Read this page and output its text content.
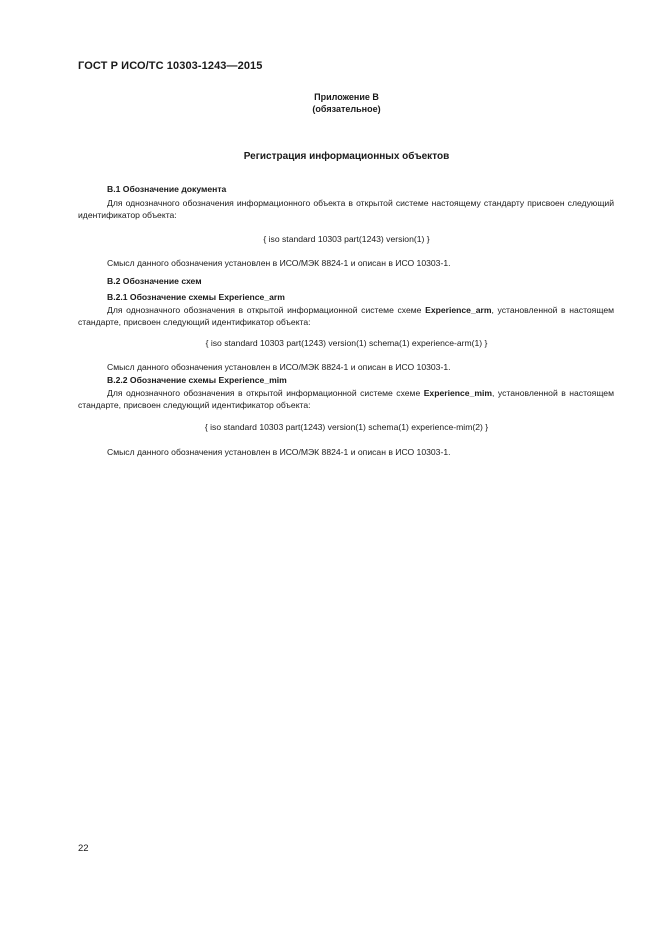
ГОСТ Р ИСО/ТС 10303-1243—2015
Приложение B
(обязательное)
Регистрация информационных объектов
B.1 Обозначение документа
Для однозначного обозначения информационного объекта в открытой системе настоящему стандарту присвоен следующий идентификатор объекта:
{ iso standard 10303 part(1243) version(1) }
Смысл данного обозначения установлен в ИСО/МЭК 8824-1 и описан в ИСО 10303-1.
B.2 Обозначение схем
B.2.1 Обозначение схемы Experience_arm
Для однозначного обозначения в открытой информационной системе схеме Experience_arm, установленной в настоящем стандарте, присвоен следующий идентификатор объекта:
{ iso standard 10303 part(1243) version(1) schema(1) experience-arm(1) }
Смысл данного обозначения установлен в ИСО/МЭК 8824-1 и описан в ИСО 10303-1.
B.2.2 Обозначение схемы Experience_mim
Для однозначного обозначения в открытой информационной системе схеме Experience_mim, установленной в настоящем стандарте, присвоен следующий идентификатор объекта:
{ iso standard 10303 part(1243) version(1) schema(1) experience-mim(2) }
Смысл данного обозначения установлен в ИСО/МЭК 8824-1 и описан в ИСО 10303-1.
22
